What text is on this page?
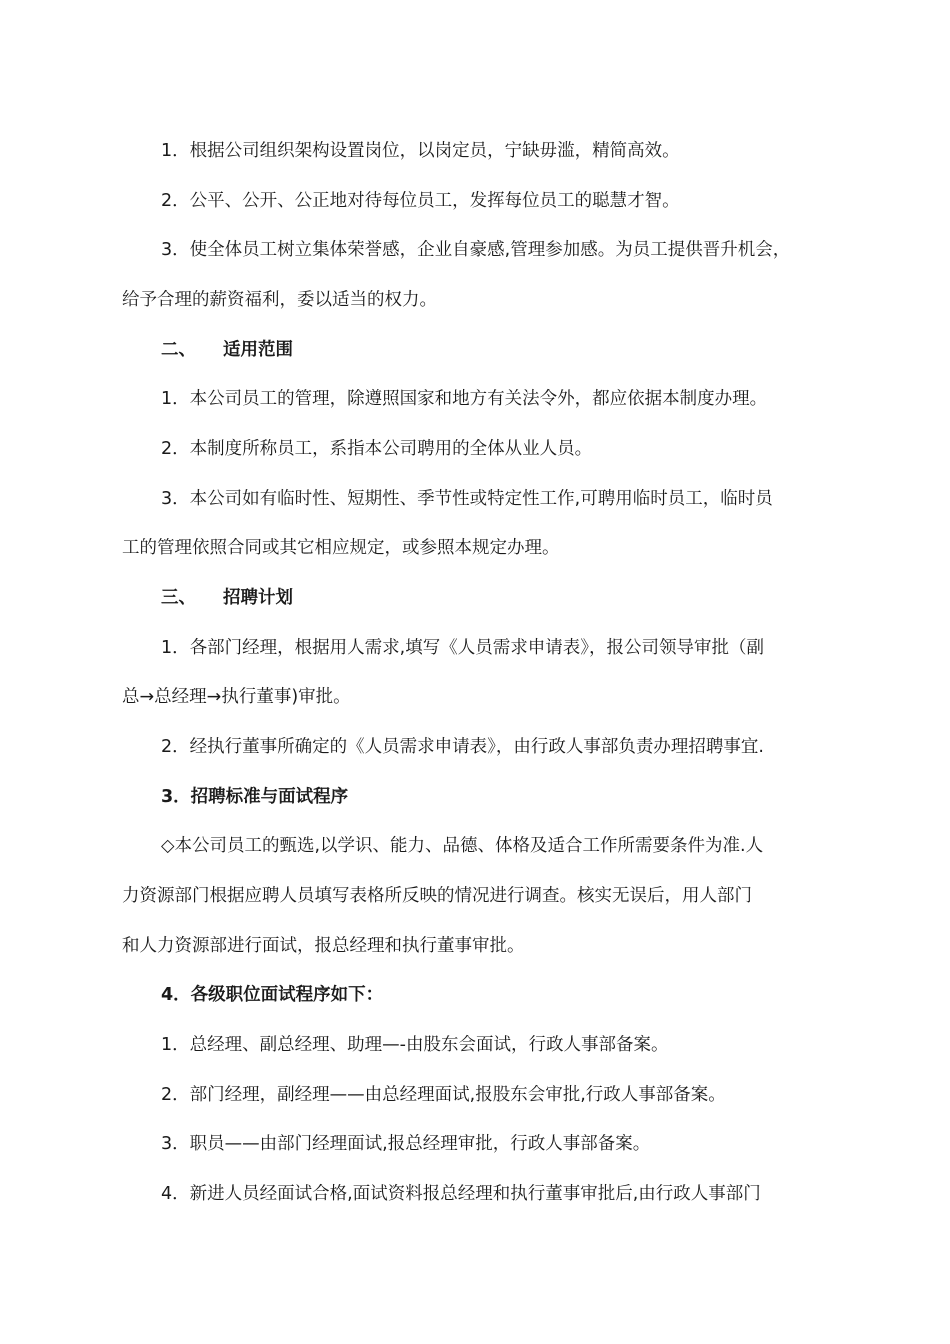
1．根据公司组织架构设置岗位，以岗定员，宁缺毋滥，精简高效。
2．公平、公开、公正地对待每位员工，发挥每位员工的聪慧才智。
3．使全体员工树立集体荣誉感，企业自豪感,管理参加感。为员工提供晋升机会，
给予合理的薪资福利，委以适当的权力。
二、 适用范围
1．本公司员工的管理，除遵照国家和地方有关法令外，都应依据本制度办理。
2．本制度所称员工，系指本公司聘用的全体从业人员。
3．本公司如有临时性、短期性、季节性或特定性工作,可聘用临时员工，临时员
工的管理依照合同或其它相应规定，或参照本规定办理。
三、 招聘计划
1．各部门经理，根据用人需求,填写《人员需求申请表》，报公司领导审批（副
总→总经理→执行董事)审批。
2．经执行董事所确定的《人员需求申请表》，由行政人事部负责办理招聘事宜.
3．招聘标准与面试程序
◇本公司员工的甄选,以学识、能力、品德、体格及适合工作所需要条件为准.人
力资源部门根据应聘人员填写表格所反映的情况进行调查。核实无误后，用人部门
和人力资源部进行面试，报总经理和执行董事审批。
4．各级职位面试程序如下：
1．总经理、副总经理、助理—-由股东会面试，行政人事部备案。
2．部门经理，副经理——由总经理面试,报股东会审批,行政人事部备案。
3．职员——由部门经理面试,报总经理审批，行政人事部备案。
4．新进人员经面试合格,面试资料报总经理和执行董事审批后,由行政人事部门
